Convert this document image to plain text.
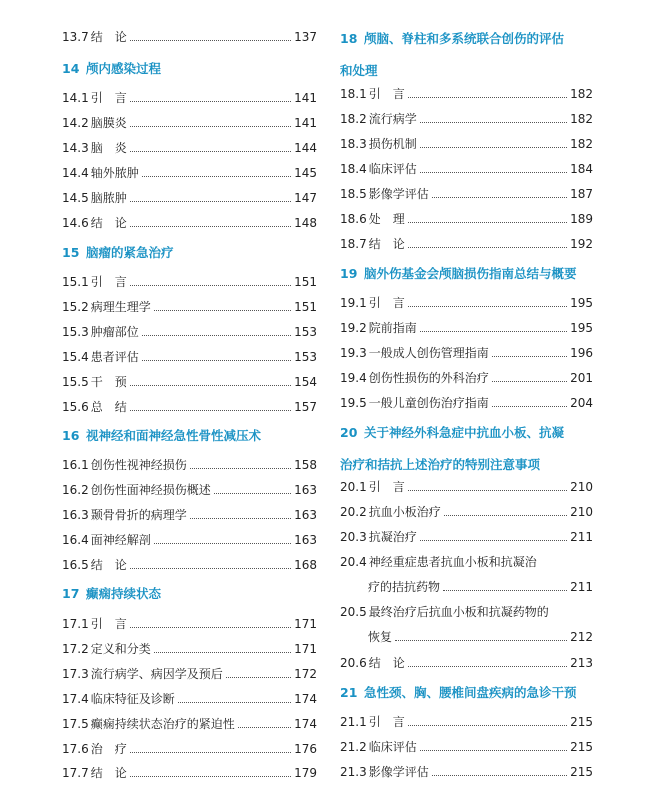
13.7 结　论	137
14 颅内感染过程
14.1 引　言	141
14.2 脑膜炎	141
14.3 脑　炎	144
14.4 轴外脓肿	145
14.5 脑脓肿	147
14.6 结　论	148
15 脑瘤的紧急治疗
15.1 引　言	151
15.2 病理生理学	151
15.3 肿瘤部位	153
15.4 患者评估	153
15.5 干　预	154
15.6 总　结	157
16 视神经和面神经急性骨性减压术
16.1 创伤性视神经损伤	158
16.2 创伤性面神经损伤概述	163
16.3 颞骨骨折的病理学	163
16.4 面神经解剖	163
16.5 结　论	168
17 癫痫持续状态
17.1 引　言	171
17.2 定义和分类	171
17.3 流行病学、病因学及预后	172
17.4 临床特征及诊断	174
17.5 癫痫持续状态治疗的紧迫性	174
17.6 治　疗	176
17.7 结　论	179
18 颅脑、脊柱和多系统联合创伤的评估
和处理
18.1 引　言	182
18.2 流行病学	182
18.3 损伤机制	182
18.4 临床评估	184
18.5 影像学评估	187
18.6 处　理	189
18.7 结　论	192
19 脑外伤基金会颅脑损伤指南总结与概要
19.1 引　言	195
19.2 院前指南	195
19.3 一般成人创伤管理指南	196
19.4 创伤性损伤的外科治疗	201
19.5 一般儿童创伤治疗指南	204
20 关于神经外科急症中抗血小板、抗凝
治疗和拮抗上述治疗的特别注意事项
20.1 引　言	210
20.2 抗血小板治疗	210
20.3 抗凝治疗	211
20.4 神经重症患者抗血小板和抗凝治
疗的拮抗药物	211
20.5 最终治疗后抗血小板和抗凝药物的
恢复	212
20.6 结　论	213
21 急性颈、胸、腰椎间盘疾病的急诊干预
21.1 引　言	215
21.2 临床评估	215
21.3 影像学评估	215
